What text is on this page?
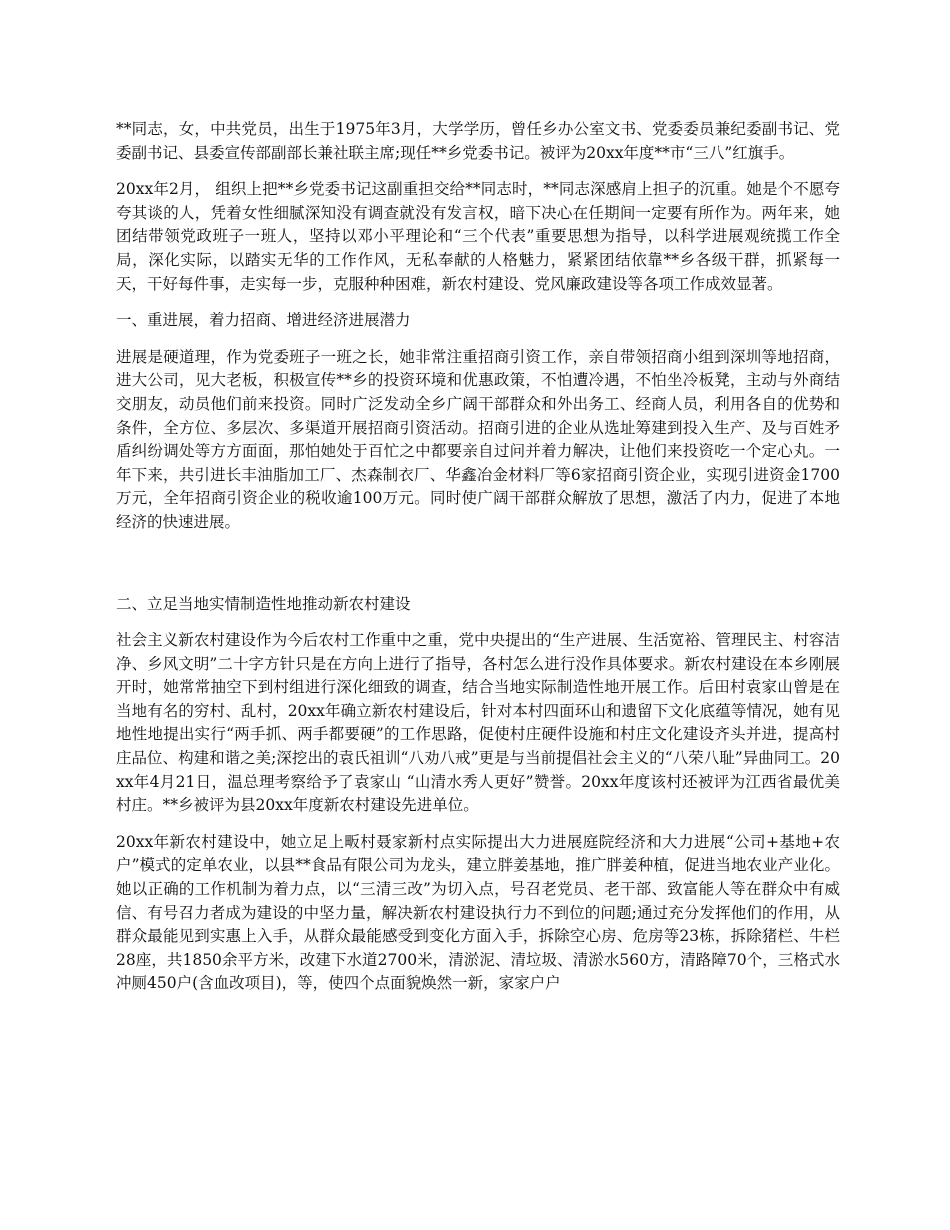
**同志，女，中共党员，出生于1975年3月，大学学历，曾任乡办公室文书、党委委员兼纪委副书记、党委副书记、县委宣传部副部长兼社联主席;现任**乡党委书记。被评为20xx年度**市“三八”红旗手。

20xx年2月， 组织上把**乡党委书记这副重担交给**同志时，**同志深感肩上担子的沉重。她是个不愿夸夸其谈的人，凭着女性细腻深知没有调查就没有发言权，暗下决心在任期间一定要有所作为。两年来，她团结带领党政班子一班人，坚持以邓小平理论和“三个代表”重要思想为指导，以科学进展观统揽工作全局，深化实际，以踏实无华的工作作风，无私奉献的人格魅力，紧紧团结依靠**乡各级干群，抓紧每一天，干好每件事，走实每一步，克服种种困难，新农村建设、党风廉政建设等各项工作成效显著。

一、重进展，着力招商、增进经济进展潜力

进展是硬道理，作为党委班子一班之长，她非常注重招商引资工作，亲自带领招商小组到深圳等地招商，进大公司，见大老板，积极宣传**乡的投资环境和优惠政策，不怕遭冷遇，不怕坐冷板凳，主动与外商结交朋友，动员他们前来投资。同时广泛发动全乡广阔干部群众和外出务工、经商人员，利用各自的优势和条件，全方位、多层次、多渠道开展招商引资活动。招商引进的企业从选址筹建到投入生产、及与百姓矛盾纠纷调处等方方面面，那怕她处于百忙之中都要亲自过问并着力解决，让他们来投资吃一个定心丸。一年下来，共引进长丰油脂加工厂、杰森制衣厂、华鑫冶金材料厂等6家招商引资企业，实现引进资金1700万元，全年招商引资企业的税收逾100万元。同时使广阔干部群众解放了思想，激活了内力，促进了本地经济的快速进展。

二、立足当地实情制造性地推动新农村建设

社会主义新农村建设作为今后农村工作重中之重，党中央提出的“生产进展、生活宽裕、管理民主、村容洁净、乡风文明”二十字方针只是在方向上进行了指导，各村怎么进行没作具体要求。新农村建设在本乡刚展开时，她常常抽空下到村组进行深化细致的调查，结合当地实际制造性地开展工作。后田村袁家山曾是在当地有名的穷村、乱村，20xx年确立新农村建设后，针对本村四面环山和遗留下文化底蕴等情况，她有见地性地提出实行“两手抓、两手都要硬”的工作思路，促使村庄硬件设施和村庄文化建设齐头并进，提高村庄品位、构建和谐之美;深挖出的袁氏祖训“八劝八戒”更是与当前提倡社会主义的“八荣八耻”异曲同工。20xx年4月21日，温总理考察给予了袁家山 “山清水秀人更好”赞誉。20xx年度该村还被评为江西省最优美村庄。**乡被评为县20xx年度新农村建设先进单位。

20xx年新农村建设中，她立足上畈村聂家新村点实际提出大力进展庭院经济和大力进展“公司+基地+农户”模式的定单农业，以县**食品有限公司为龙头，建立胖姜基地，推广胖姜种植，促进当地农业产业化。她以正确的工作机制为着力点，以“三清三改”为切入点，号召老党员、老干部、致富能人等在群众中有威信、有号召力者成为建设的中坚力量，解决新农村建设执行力不到位的问题;通过充分发挥他们的作用，从群众最能见到实惠上入手，从群众最能感受到变化方面入手，拆除空心房、危房等23栋，拆除猪栏、牛栏28座，共1850余平方米，改建下水道2700米，清淤泥、清垃圾、清淤水560方，清路障70个，三格式水冲厕450户(含血改项目)，等，使四个点面貌焕然一新，家家户户
